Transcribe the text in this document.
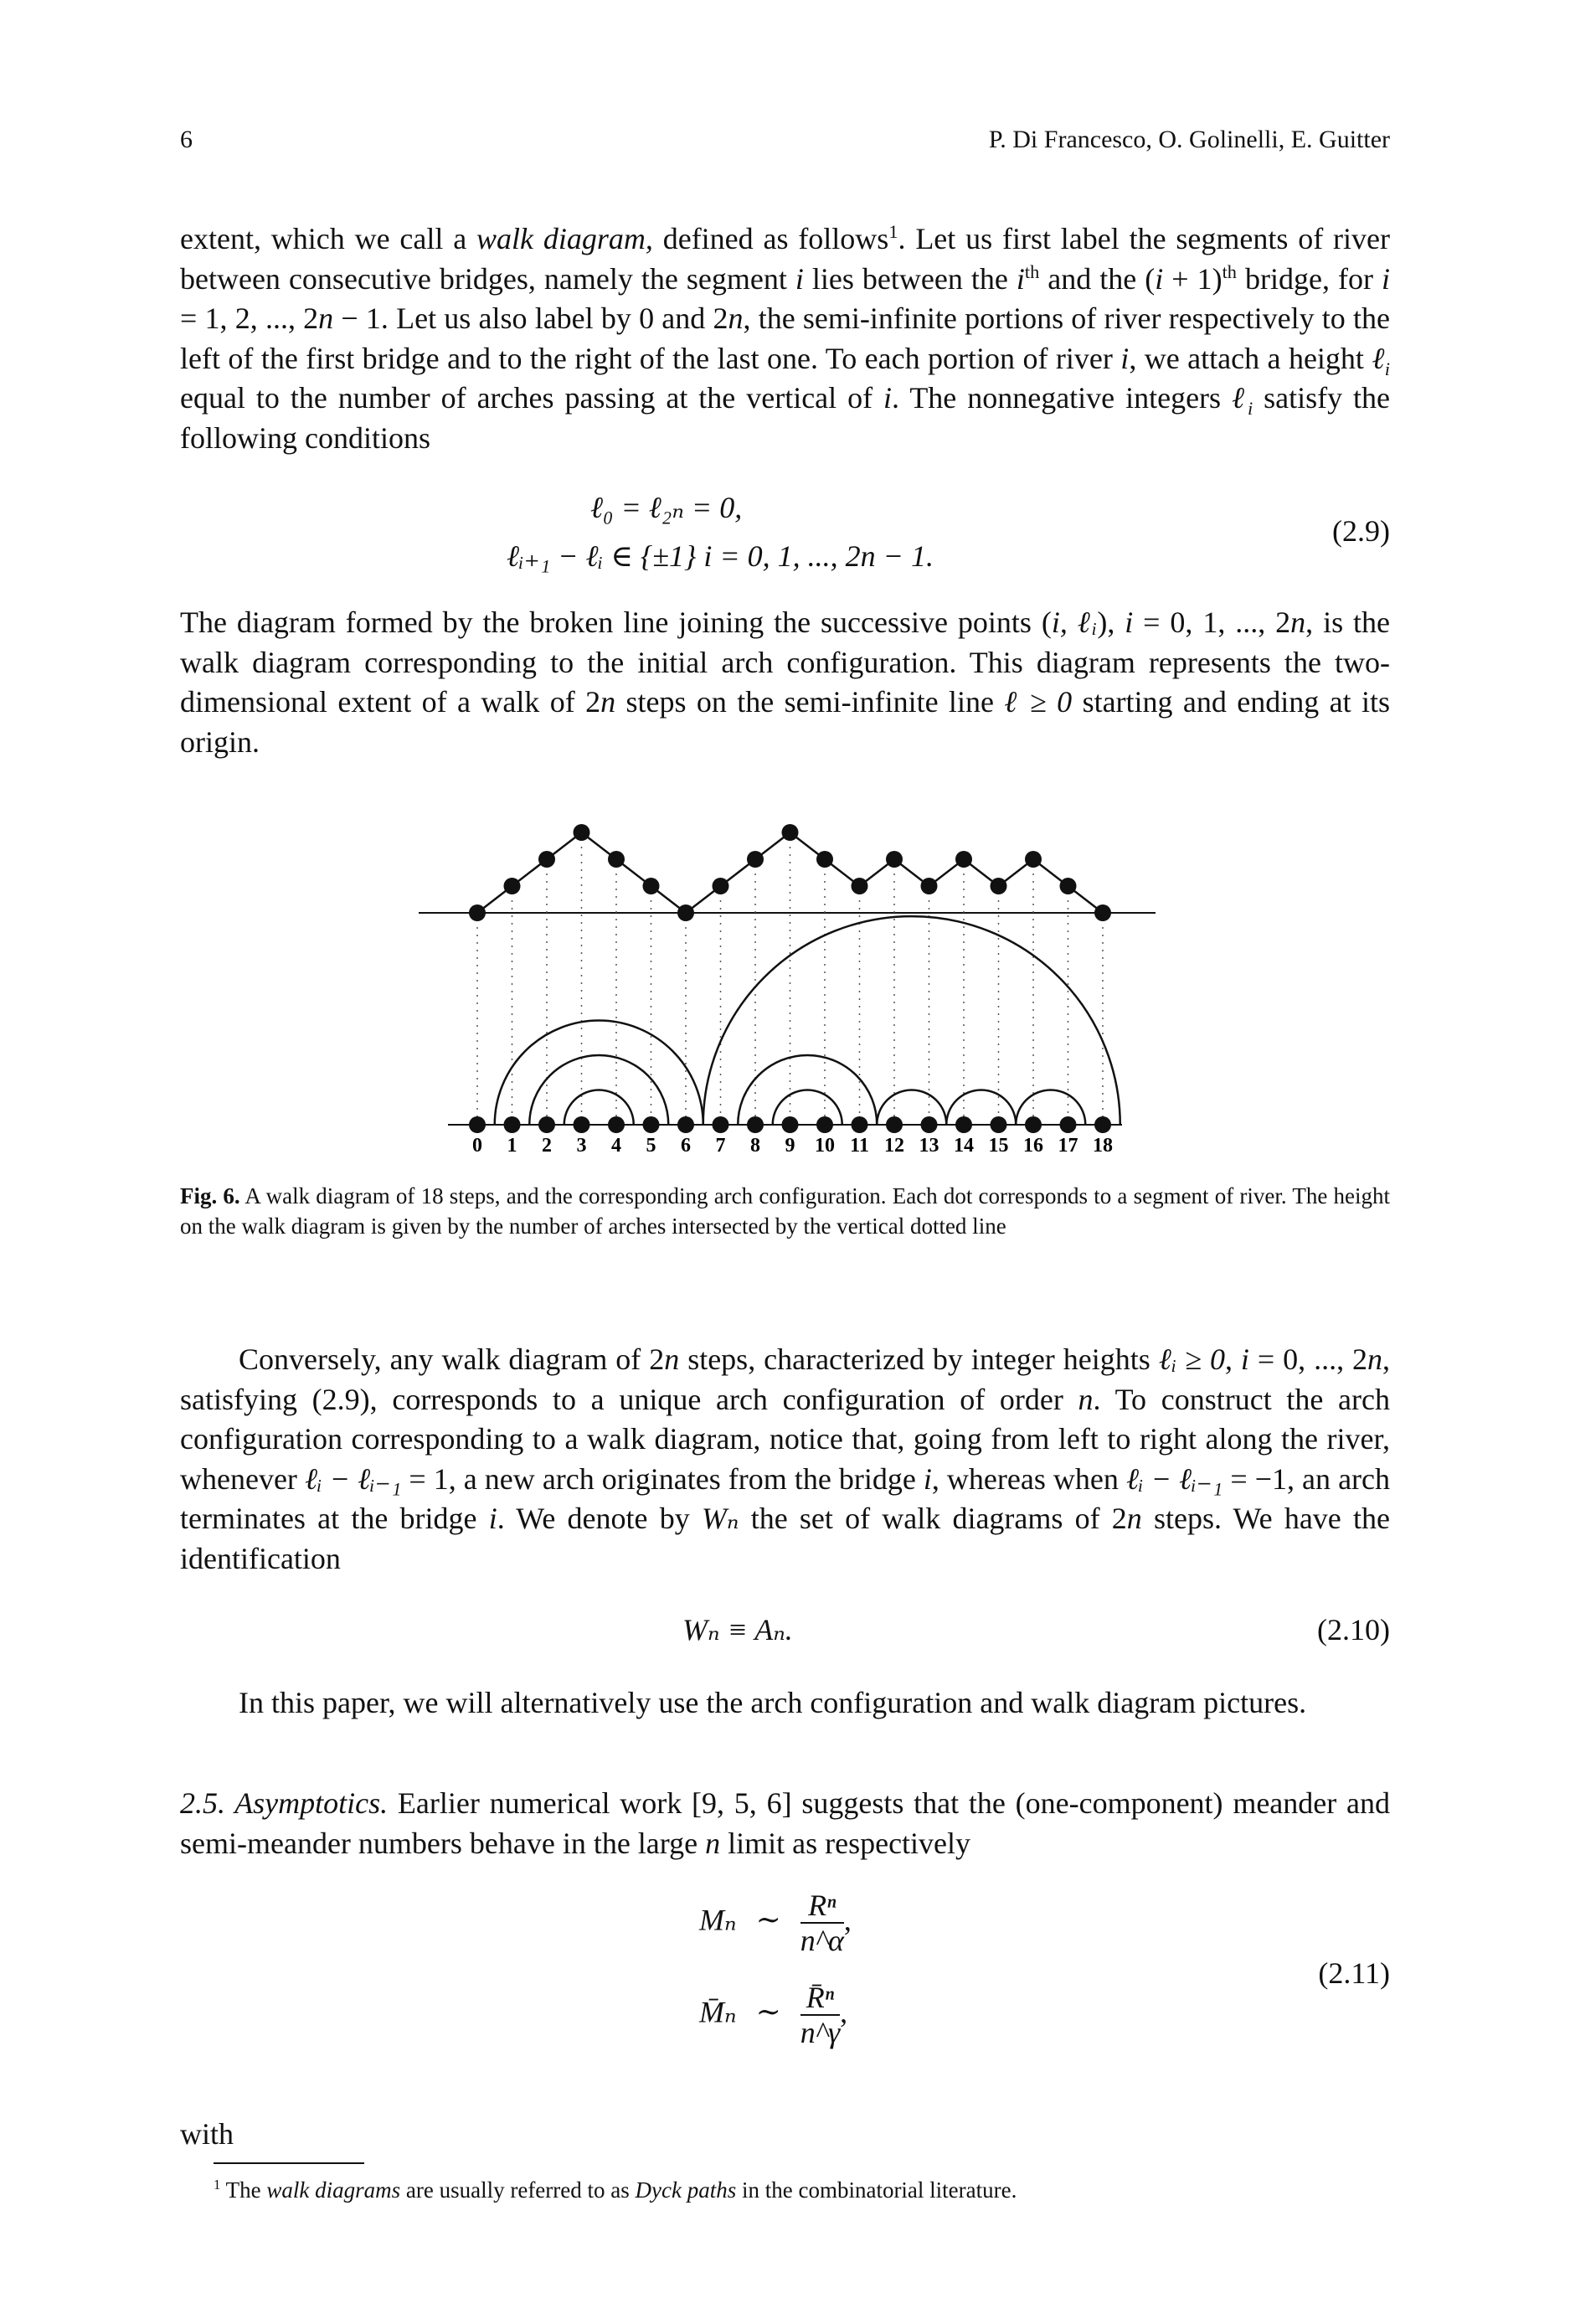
6	P. Di Francesco, O. Golinelli, E. Guitter

extent, which we call a walk diagram, defined as follows$^1$. Let us first label the segments of river between consecutive bridges, namely the segment i lies between the $i^{th}$ and the $(i + 1)^{th}$ bridge, for i = 1, 2, ..., 2n − 1. Let us also label by 0 and 2n, the semi-infinite portions of river respectively to the left of the first bridge and to the right of the last one. To each portion of river i, we attach a height ℓ$_i$ equal to the number of arches passing at the vertical of i. The nonnegative integers ℓ$_i$ satisfy the following conditions

ℓ₀ = ℓ₂ₙ = 0,
ℓᵢ₊₁ − ℓᵢ ∈ {±1} i = 0, 1, ..., 2n − 1.
(2.9)

The diagram formed by the broken line joining the successive points (i, ℓᵢ), i = 0, 1, ..., 2n, is the walk diagram corresponding to the initial arch configuration. This diagram represents the two-dimensional extent of a walk of 2n steps on the semi-infinite line ℓ ≥ 0 starting and ending at its origin.

0 1 2 3 4 5 6 7 8 9 10 11 12 13 14 15 16 17 18

Fig. 6. A walk diagram of 18 steps, and the corresponding arch configuration. Each dot corresponds to a segment of river. The height on the walk diagram is given by the number of arches intersected by the vertical dotted line

Conversely, any walk diagram of 2n steps, characterized by integer heights ℓᵢ ≥ 0, i = 0, ..., 2n, satisfying (2.9), corresponds to a unique arch configuration of order n. To construct the arch configuration corresponding to a walk diagram, notice that, going from left to right along the river, whenever ℓᵢ − ℓᵢ₋₁ = 1, a new arch originates from the bridge i, whereas when ℓᵢ − ℓᵢ₋₁ = −1, an arch terminates at the bridge i. We denote by Wₙ the set of walk diagrams of 2n steps. We have the identification

Wₙ ≡ Aₙ.	(2.10)

In this paper, we will alternatively use the arch configuration and walk diagram pictures.

2.5. Asymptotics. Earlier numerical work [9, 5, 6] suggests that the (one-component) meander and semi-meander numbers behave in the large n limit as respectively

Mₙ ∼ $\frac{\text{Rⁿ}}{n\^{}\alpha}$ ,
M̄ₙ ∼ $\frac{\text{R̄ⁿ}}{n\^{}\gamma}$ ,
(2.11)

with

$^1$ The walk diagrams are usually referred to as Dyck paths in the combinatorial literature.
